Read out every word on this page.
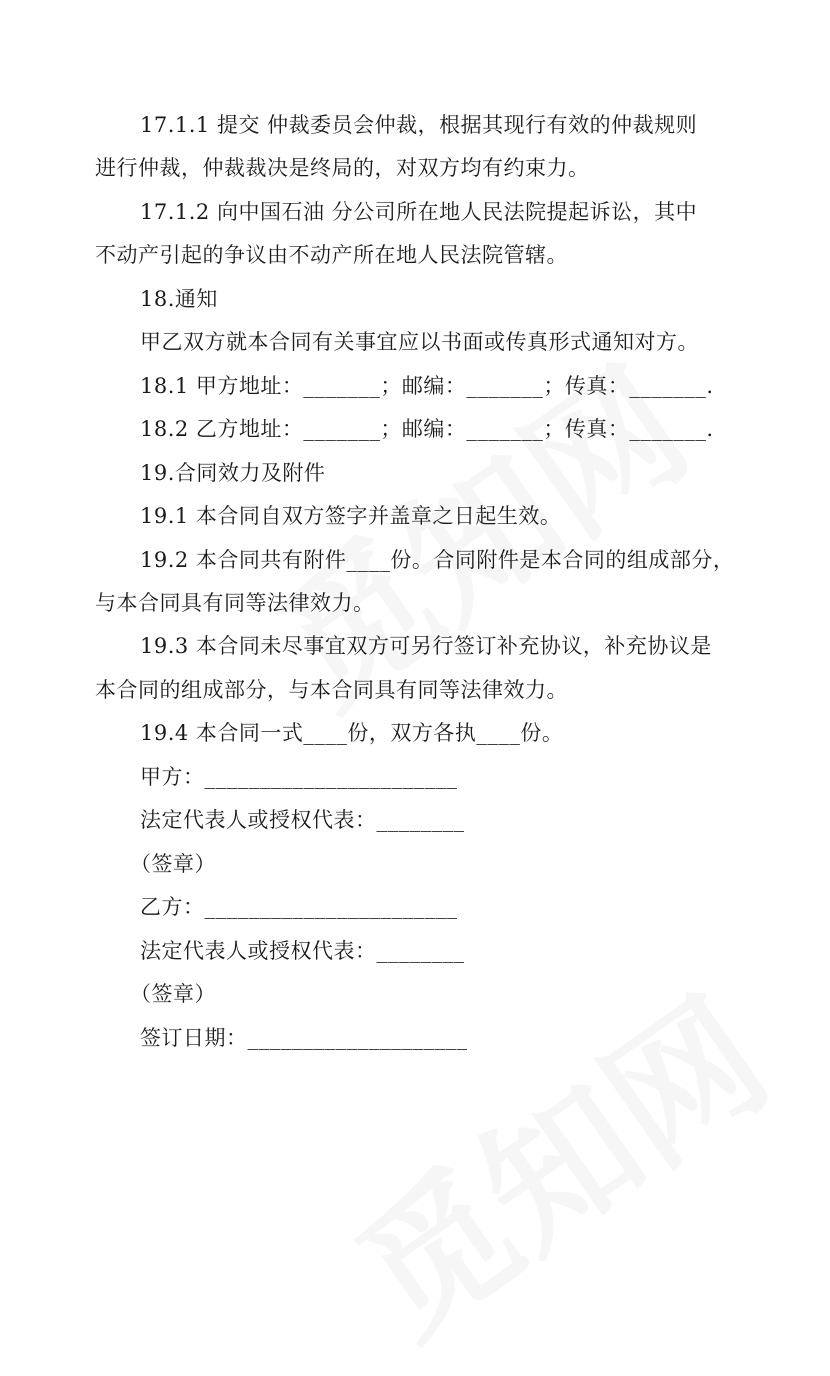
17.1.1 提交 仲裁委员会仲裁，根据其现行有效的仲裁规则
进行仲裁，仲裁裁决是终局的，对双方均有约束力。
17.1.2 向中国石油 分公司所在地人民法院提起诉讼，其中
不动产引起的争议由不动产所在地人民法院管辖。
18.通知
甲乙双方就本合同有关事宜应以书面或传真形式通知对方。
18.1 甲方地址：_______；邮编：_______；传真：_______.
18.2 乙方地址：_______；邮编：_______；传真：_______.
19.合同效力及附件
19.1 本合同自双方签字并盖章之日起生效。
19.2 本合同共有附件____份。合同附件是本合同的组成部分，
与本合同具有同等法律效力。
19.3 本合同未尽事宜双方可另行签订补充协议，补充协议是
本合同的组成部分，与本合同具有同等法律效力。
19.4 本合同一式____份，双方各执____份。
甲方：_______________________
法定代表人或授权代表：________
（签章）
乙方：_______________________
法定代表人或授权代表：________
（签章）
签订日期：____________________
